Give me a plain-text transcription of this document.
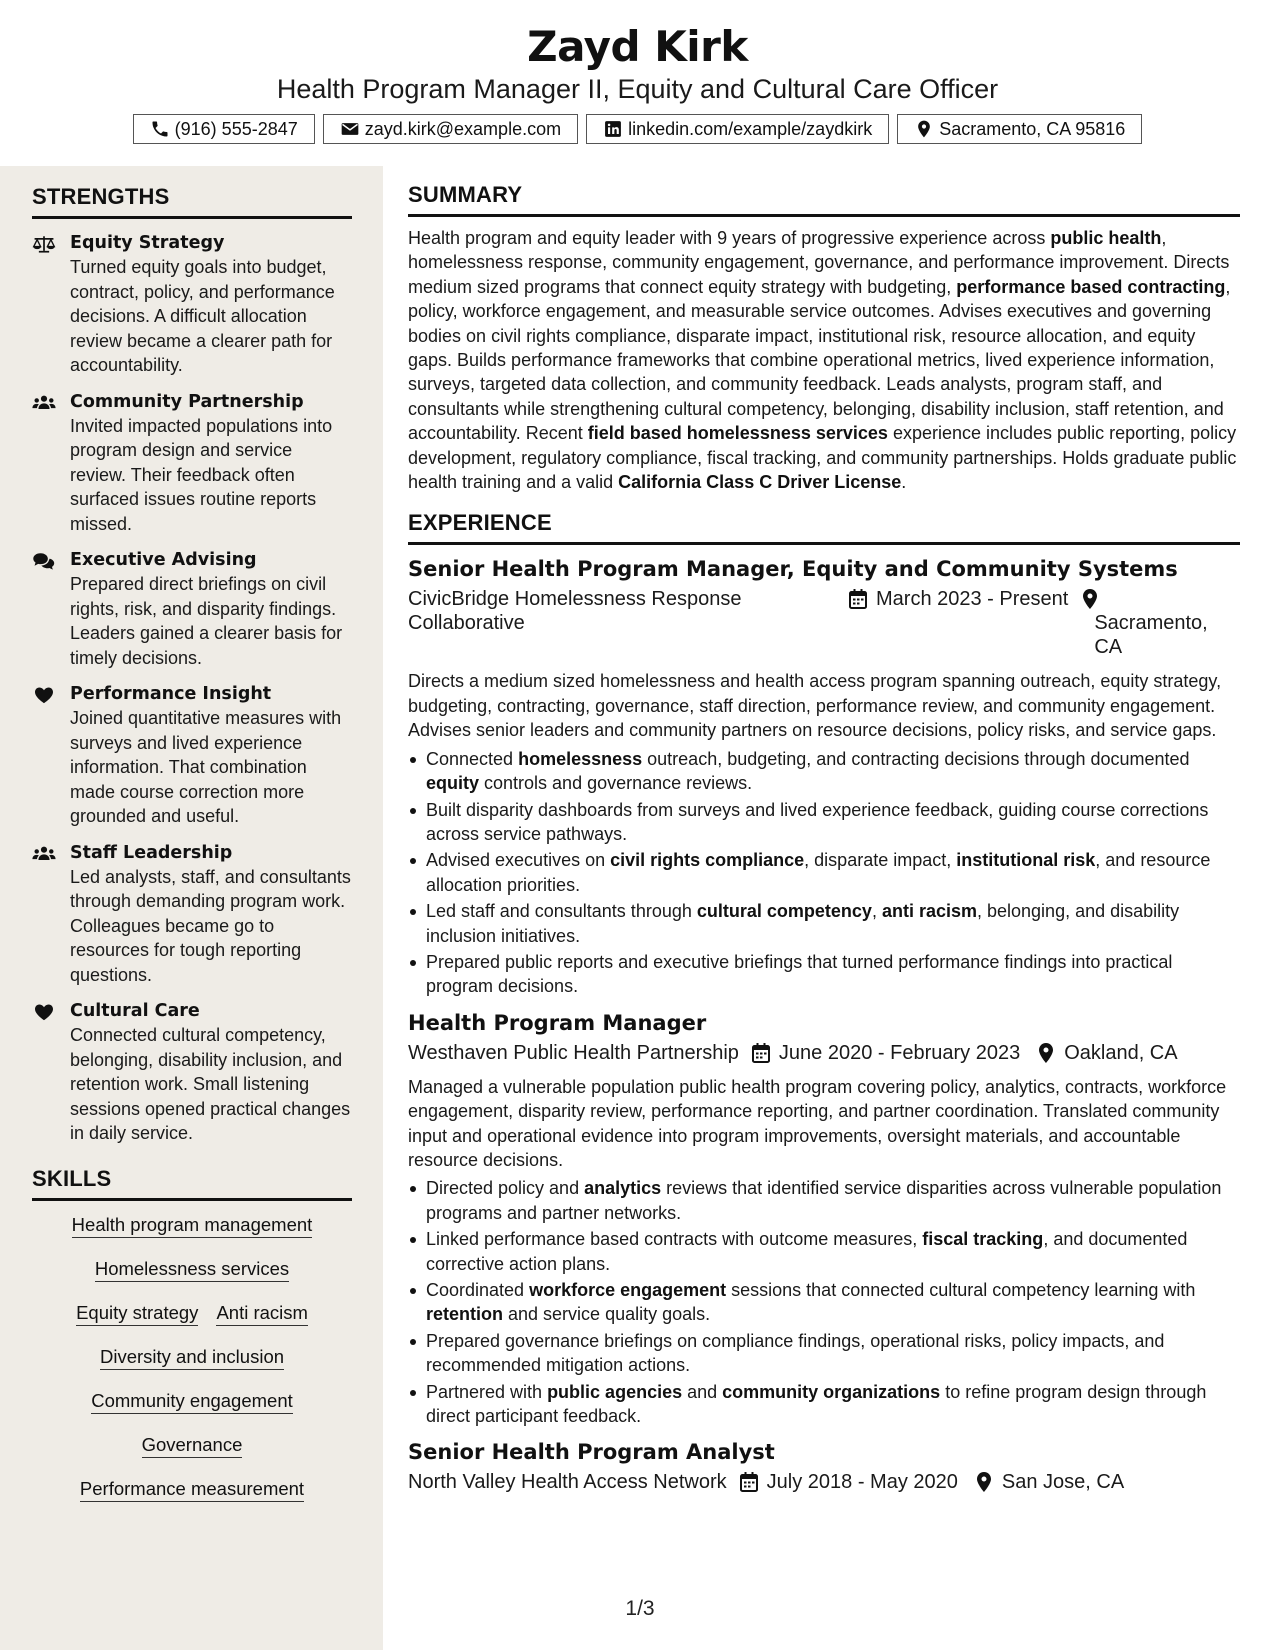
Zayd Kirk
Health Program Manager II, Equity and Cultural Care Officer
(916) 555-2847	zayd.kirk@example.com	linkedin.com/example/zaydkirk	Sacramento, CA 95816
STRENGTHS
Equity Strategy
Turned equity goals into budget, contract, policy, and performance decisions. A difficult allocation review became a clearer path for accountability.
Community Partnership
Invited impacted populations into program design and service review. Their feedback often surfaced issues routine reports missed.
Executive Advising
Prepared direct briefings on civil rights, risk, and disparity findings. Leaders gained a clearer basis for timely decisions.
Performance Insight
Joined quantitative measures with surveys and lived experience information. That combination made course correction more grounded and useful.
Staff Leadership
Led analysts, staff, and consultants through demanding program work. Colleagues became go to resources for tough reporting questions.
Cultural Care
Connected cultural competency, belonging, disability inclusion, and retention work. Small listening sessions opened practical changes in daily service.
SKILLS
Health program management
Homelessness services
Equity strategy Anti racism
Diversity and inclusion
Community engagement
Governance
Performance measurement
SUMMARY
Health program and equity leader with 9 years of progressive experience across public health, homelessness response, community engagement, governance, and performance improvement. Directs medium sized programs that connect equity strategy with budgeting, performance based contracting, policy, workforce engagement, and measurable service outcomes. Advises executives and governing bodies on civil rights compliance, disparate impact, institutional risk, resource allocation, and equity gaps. Builds performance frameworks that combine operational metrics, lived experience information, surveys, targeted data collection, and community feedback. Leads analysts, program staff, and consultants while strengthening cultural competency, belonging, disability inclusion, staff retention, and accountability. Recent field based homelessness services experience includes public reporting, policy development, regulatory compliance, fiscal tracking, and community partnerships. Holds graduate public health training and a valid California Class C Driver License.
EXPERIENCE
Senior Health Program Manager, Equity and Community Systems
CivicBridge Homelessness Response Collaborative
March 2023 - Present
Sacramento, CA
Directs a medium sized homelessness and health access program spanning outreach, equity strategy, budgeting, contracting, governance, staff direction, performance review, and community engagement. Advises senior leaders and community partners on resource decisions, policy risks, and service gaps.
Connected homelessness outreach, budgeting, and contracting decisions through documented equity controls and governance reviews.
Built disparity dashboards from surveys and lived experience feedback, guiding course corrections across service pathways.
Advised executives on civil rights compliance, disparate impact, institutional risk, and resource allocation priorities.
Led staff and consultants through cultural competency, anti racism, belonging, and disability inclusion initiatives.
Prepared public reports and executive briefings that turned performance findings into practical program decisions.
Health Program Manager
Westhaven Public Health Partnership June 2020 - February 2023 Oakland, CA
Managed a vulnerable population public health program covering policy, analytics, contracts, workforce engagement, disparity review, performance reporting, and partner coordination. Translated community input and operational evidence into program improvements, oversight materials, and accountable resource decisions.
Directed policy and analytics reviews that identified service disparities across vulnerable population programs and partner networks.
Linked performance based contracts with outcome measures, fiscal tracking, and documented corrective action plans.
Coordinated workforce engagement sessions that connected cultural competency learning with retention and service quality goals.
Prepared governance briefings on compliance findings, operational risks, policy impacts, and recommended mitigation actions.
Partnered with public agencies and community organizations to refine program design through direct participant feedback.
Senior Health Program Analyst
North Valley Health Access Network July 2018 - May 2020 San Jose, CA
1/3
